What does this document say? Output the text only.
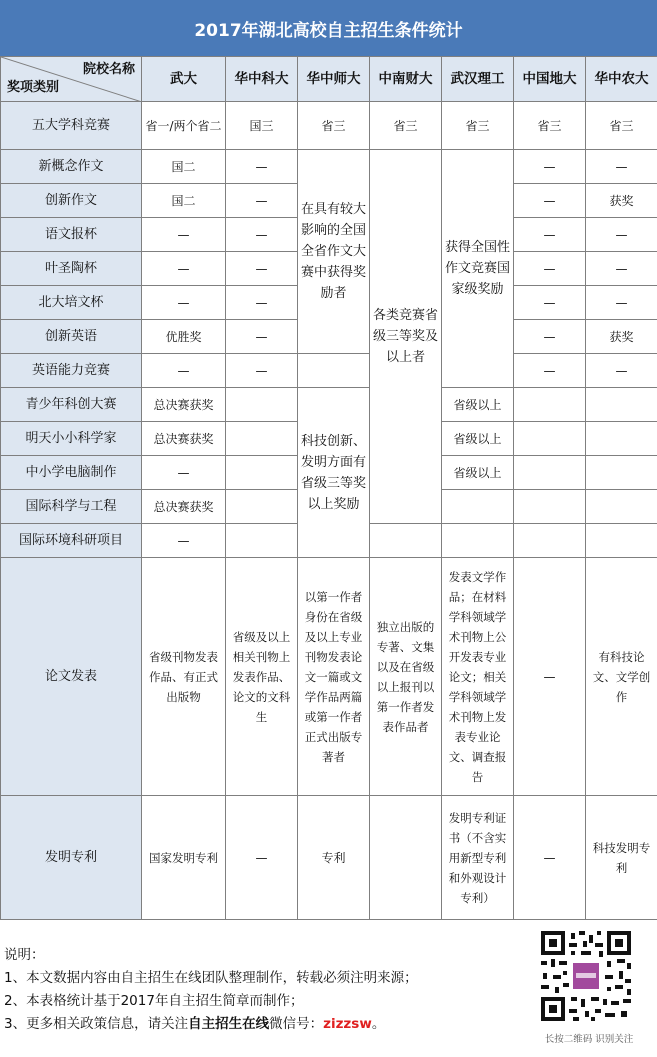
2017年湖北高校自主招生条件统计
院校名称
奖项类别	武大	华中科大	华中师大	中南财大	武汉理工	中国地大	华中农大
五大学科竞赛	省一/两个省二	国三	省三	省三	省三	省三	省三
新概念作文	国二	—	在具有较大影响的全国全省作文大赛中获得奖励者	各类竞赛省级三等奖及以上者	获得全国性作文竞赛国家级奖励	—	—
创新作文	国二	—				—	获奖
语文报杯	—	—				—	—
叶圣陶杯	—	—				—	—
北大培文杯	—	—				—	—
创新英语	优胜奖	—				—	获奖
英语能力竞赛	—	—				—	—
青少年科创大赛	总决赛获奖		科技创新、发明方面有省级三等奖以上奖励		省级以上		
明天小小科学家	总决赛获奖				省级以上		
中小学电脑制作	—				省级以上		
国际科学与工程	总决赛获奖						
国际环境科研项目	—						
论文发表	省级刊物发表作品、有正式出版物	省级及以上相关刊物上发表作品、论文的文科生	以第一作者身份在省级及以上专业刊物发表论文一篇或文学作品两篇或第一作者正式出版专著者	独立出版的专著、文集以及在省级以上报刊以第一作者发表作品者	发表文学作品；在材料学科领域学术刊物上公开发表专业论文；相关学科领域学术刊物上发表专业论文、调查报告	—	有科技论文、文学创作
发明专利	国家发明专利	—	专利		发明专利证书（不含实用新型专利和外观设计专利）	—	科技发明专利
说明：
1、本文数据内容由自主招生在线团队整理制作，转载必须注明来源；
2、本表格统计基于2017年自主招生简章而制作；
3、更多相关政策信息，请关注自主招生在线微信号：zizzsw。
长按二维码 识别关注
